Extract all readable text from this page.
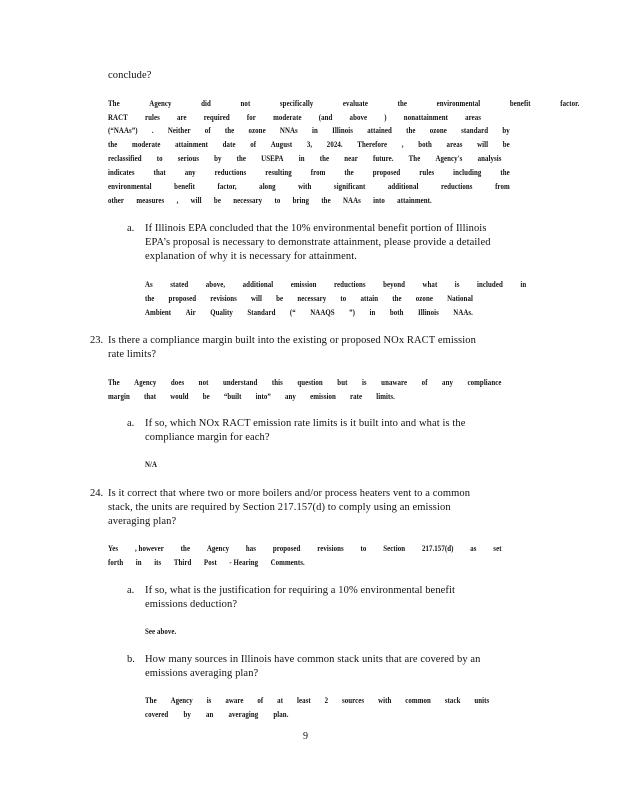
conclude?
The	Agency	did	not	specifically	evaluate	the	environmental	benefit	factor.
RACT rules are required for moderate (and above ) nonattainment areas
(“NAAs”) . Neither of the ozone NNAs in Illinois attained the ozone standard by
the moderate attainment date of August 3, 2024. Therefore , both areas will be
reclassified to serious by the USEPA in the near future. The Agency's analysis
indicates that any reductions resulting from the proposed rules including the
environmental	benefit	factor,	along	with	significant	additional	reductions	from
other measures , will be necessary to bring the NAAs into attainment.
a. If Illinois EPA concluded that the 10% environmental benefit portion of Illinois
EPA’s proposal is necessary to demonstrate attainment, please provide a detailed
explanation of why it is necessary for attainment.
As stated above, additional emission reductions beyond what is included in
the proposed revisions will be necessary to attain the ozone National
Ambient Air Quality Standard (“ NAAQS ”) in both Illinois NAAs.
23. Is there a compliance margin built into the existing or proposed NOx RACT emission
rate limits?
The Agency does not understand this question but is unaware of any compliance
margin that would be “built into” any emission rate limits.
a. If so, which NOx RACT emission rate limits is it built into and what is the
compliance margin for each?
N/A
24. Is it correct that where two or more boilers and/or process heaters vent to a common
stack, the units are required by Section 217.157(d) to comply using an emission
averaging plan?
Yes , however the Agency has proposed revisions to Section 217.157(d) as set
forth in its Third Post - Hearing Comments.
a. If so, what is the justification for requiring a 10% environmental benefit
emissions deduction?
See above.
b. How many sources in Illinois have common stack units that are covered by an
emissions averaging plan?
The Agency is aware of at least 2 sources with common stack units
covered by an averaging plan.
9
